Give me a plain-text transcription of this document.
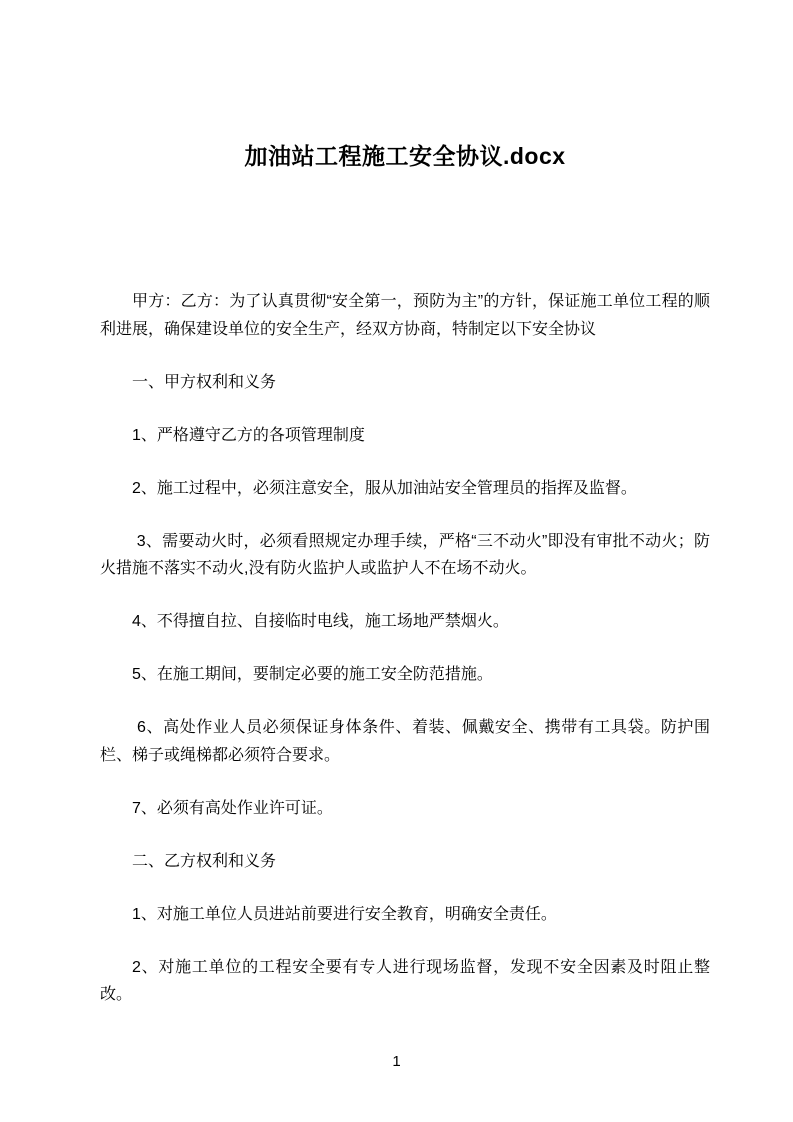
加油站工程施工安全协议.docx

甲方：乙方：为了认真贯彻“安全第一，预防为主”的方针，保证施工单位工程的顺利进展，确保建设单位的安全生产，经双方协商，特制定以下安全协议

一、甲方权利和义务

1、严格遵守乙方的各项管理制度

2、施工过程中，必须注意安全，服从加油站安全管理员的指挥及监督。

3、需要动火时，必须看照规定办理手续，严格“三不动火”即没有审批不动火；防火措施不落实不动火,没有防火监护人或监护人不在场不动火。

4、不得擅自拉、自接临时电线，施工场地严禁烟火。

5、在施工期间，要制定必要的施工安全防范措施。

6、高处作业人员必须保证身体条件、着装、佩戴安全、携带有工具袋。防护围栏、梯子或绳梯都必须符合要求。

7、必须有高处作业许可证。

二、乙方权利和义务

1、对施工单位人员进站前要进行安全教育，明确安全责任。

2、对施工单位的工程安全要有专人进行现场监督，发现不安全因素及时阻止整改。

1
